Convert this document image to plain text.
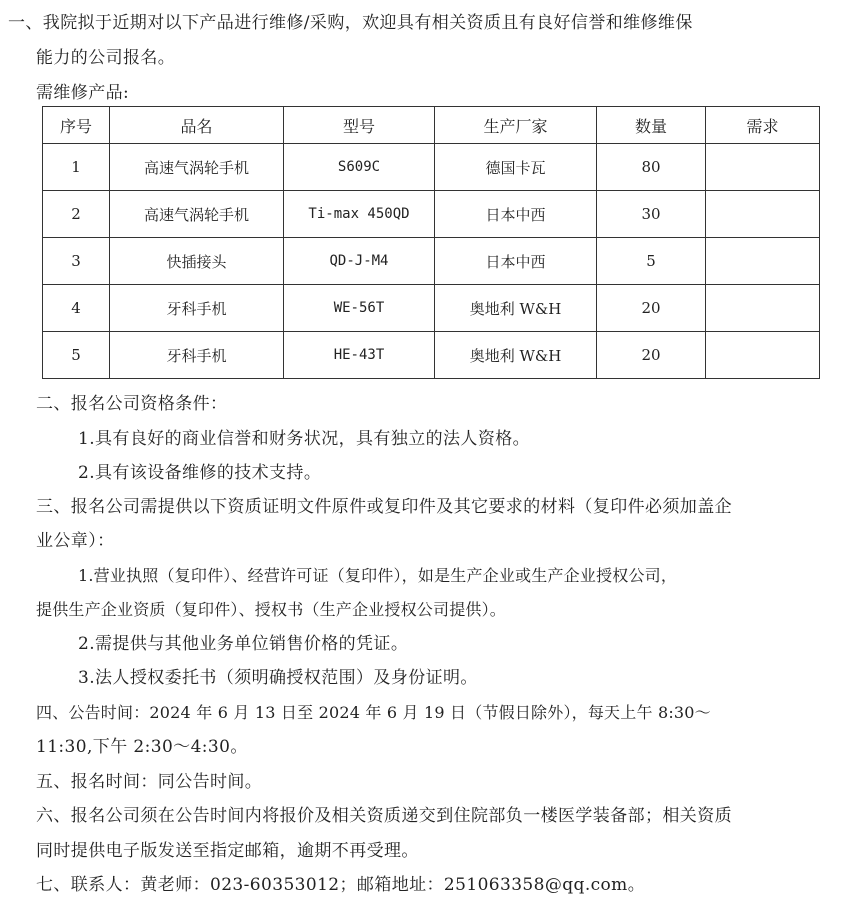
一、我院拟于近期对以下产品进行维修/采购，欢迎具有相关资质且有良好信誉和维修维保
能力的公司报名。
需维修产品:
序号	品名	型号	生产厂家	数量	需求
1	高速气涡轮手机	S609C	德国卡瓦	80	
2	高速气涡轮手机	Ti-max 450QD	日本中西	30	
3	快插接头	QD-J-M4	日本中西	5	
4	牙科手机	WE-56T	奥地利 W&H	20	
5	牙科手机	HE-43T	奥地利 W&H	20	
二、报名公司资格条件：
1.具有良好的商业信誉和财务状况，具有独立的法人资格。
2.具有该设备维修的技术支持。
三、报名公司需提供以下资质证明文件原件或复印件及其它要求的材料（复印件必须加盖企
业公章）：
1.营业执照（复印件）、经营许可证（复印件），如是生产企业或生产企业授权公司，
提供生产企业资质（复印件）、授权书（生产企业授权公司提供）。
2.需提供与其他业务单位销售价格的凭证。
3.法人授权委托书（须明确授权范围）及身份证明。
四、公告时间：2024 年 6 月 13 日至 2024 年 6 月 19 日（节假日除外），每天上午 8:30～
11:30,下午 2:30～4:30。
五、报名时间：同公告时间。
六、报名公司须在公告时间内将报价及相关资质递交到住院部负一楼医学装备部；相关资质
同时提供电子版发送至指定邮箱，逾期不再受理。
七、联系人：黄老师：023-60353012；邮箱地址：251063358@qq.com。
